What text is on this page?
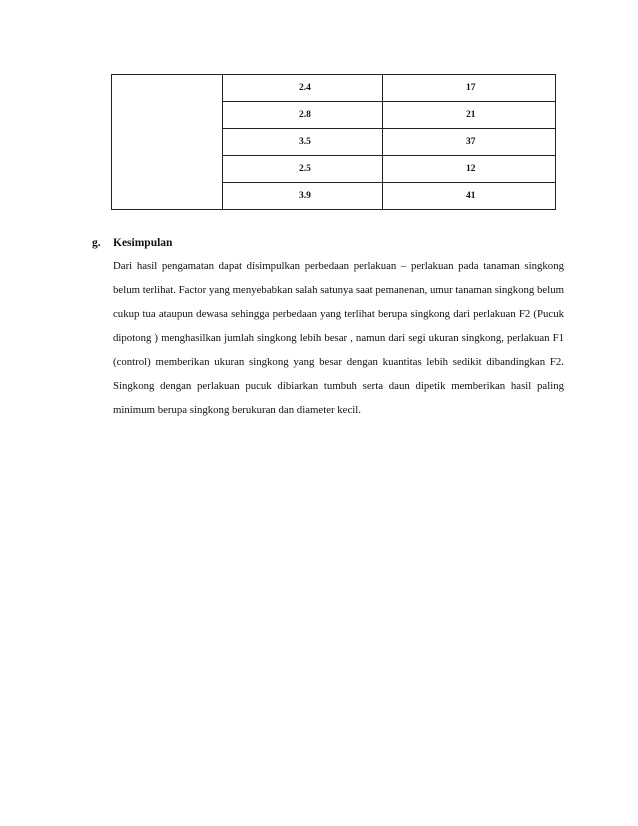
	2.4	17
	2.8	21
	3.5	37
	2.5	12
	3.9	41
g. Kesimpulan
Dari hasil pengamatan dapat disimpulkan perbedaan perlakuan – perlakuan pada tanaman singkong belum terlihat. Factor yang menyebabkan salah satunya saat pemanenan, umur tanaman singkong belum cukup tua ataupun dewasa sehingga perbedaan yang terlihat berupa singkong dari perlakuan F2 (Pucuk dipotong ) menghasilkan jumlah singkong lebih besar , namun dari segi ukuran singkong, perlakuan F1 (control) memberikan ukuran singkong yang besar dengan kuantitas lebih sedikit dibandingkan F2. Singkong dengan perlakuan pucuk dibiarkan tumbuh serta daun dipetik memberikan hasil paling minimum berupa singkong berukuran dan diameter kecil.
